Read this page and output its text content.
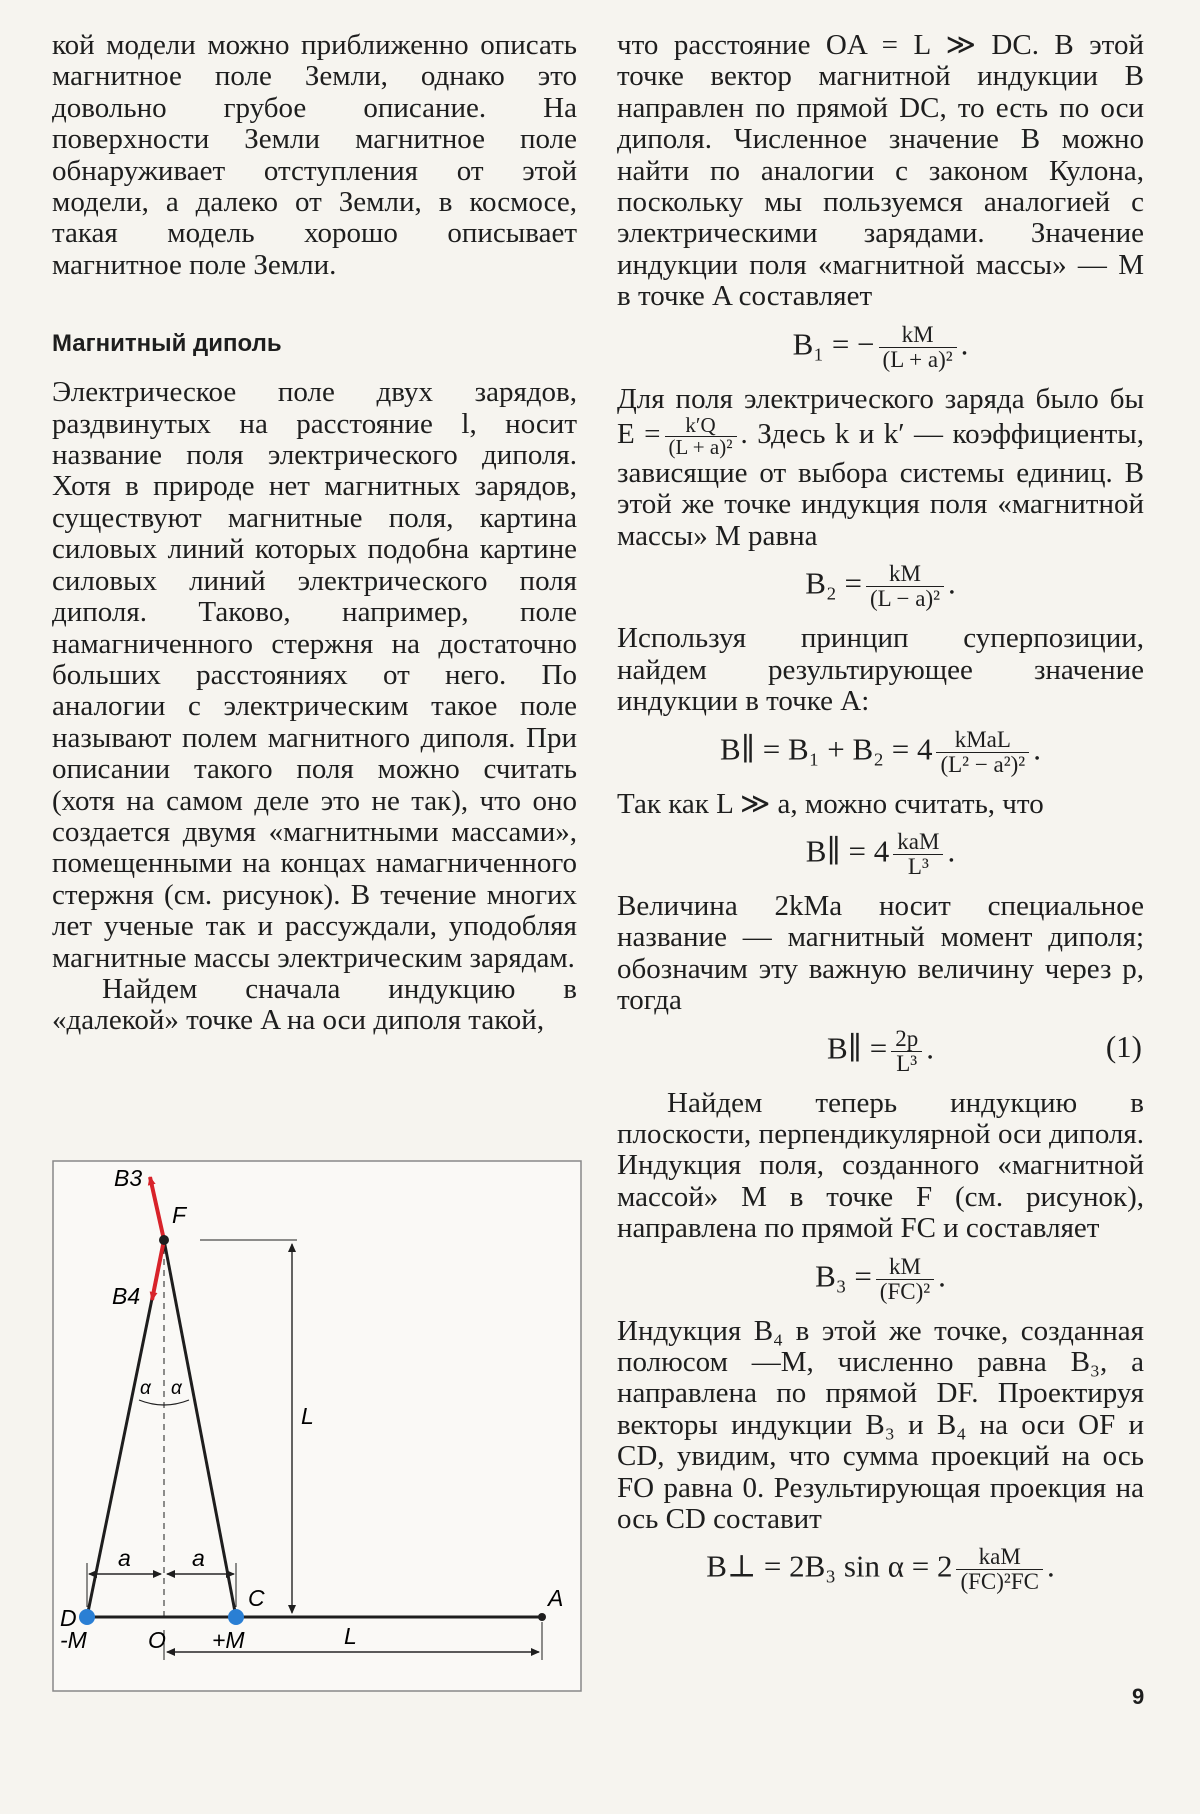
кой модели можно приближенно описать магнитное поле Земли, однако это довольно грубое описание. На поверхности Земли магнитное поле обнаруживает отступления от этой модели, а далеко от Земли, в космосе, такая модель хорошо описывает магнитное поле Земли.

Магнитный диполь

Электрическое поле двух зарядов, раздвинутых на расстояние l, носит название поля электрического диполя. Хотя в природе нет магнитных зарядов, существуют магнитные поля, картина силовых линий которых подобна картине силовых линий электрического поля диполя. Таково, например, поле намагниченного стержня на достаточно больших расстояниях от него. По аналогии с электрическим такое поле называют полем магнитного диполя. При описании такого поля можно считать (хотя на самом деле это не так), что оно создается двумя «магнитными массами», помещенными на концах намагниченного стержня (см. рисунок). В течение многих лет ученые так и рассуждали, уподобляя магнитные массы электрическим зарядам.

Найдем сначала индукцию в «далекой» точке A на оси диполя такой,

что расстояние OA = L ≫ DC. В этой точке вектор магнитной индукции B направлен по прямой DC, то есть по оси диполя. Численное значение B можно найти по аналогии с законом Кулона, поскольку мы пользуемся аналогией с электрическими зарядами. Значение индукции поля «магнитной массы» — M в точке A составляет

B₁ = − $\frac{kM}{\text{(L + a)²}}$ .

Для поля электрического заряда было бы $E = \frac{k'Q}{\text{(L + a)²}}$ . Здесь k и k′ — коэффициенты, зависящие от выбора системы единиц. В этой же точке индукция поля «магнитной массы» M равна

$B_2 = \frac{kM}{\text{(L − a)²}}$ .

Используя принцип суперпозиции, найдем результирующее значение индукции в точке A:

B∥ = $B_1 + B_2 = 4 \frac{\text{kMaL}}{\text{(L² − a²)²}}$ .

Так как L ≫ a, можно считать, что

B∥ = $4 \frac{\text{kaM}}{\text{L³}}$ .

Величина 2kMa носит специальное название — магнитный момент диполя; обозначим эту важную величину через p, тогда

B∥ = $\frac{2p}{\text{L³}}$ .	(1)

Найдем теперь индукцию в плоскости, перпендикулярной оси диполя. Индукция поля, созданного «магнитной массой» M в точке F (см. рисунок), направлена по прямой FC и составляет

$B_3 = \frac{kM}{\text{(FC)²}}$ .

Индукция B₄ в этой же точке, созданная полюсом —M, численно равна B₃, а направлена по прямой DF. Проектируя векторы индукции B₃ и B₄ на оси OF и CD, увидим, что сумма проекций на ось FO равна 0. Результирующая проекция на ось CD составит

B⊥ = 2B₃ $\sin \alpha = 2 \frac{\text{kaM}}{\text{(FC)²FC}}$ .
B3
F
B4
α α
L
a	a
D
C	A
-M	O +M	L
9
